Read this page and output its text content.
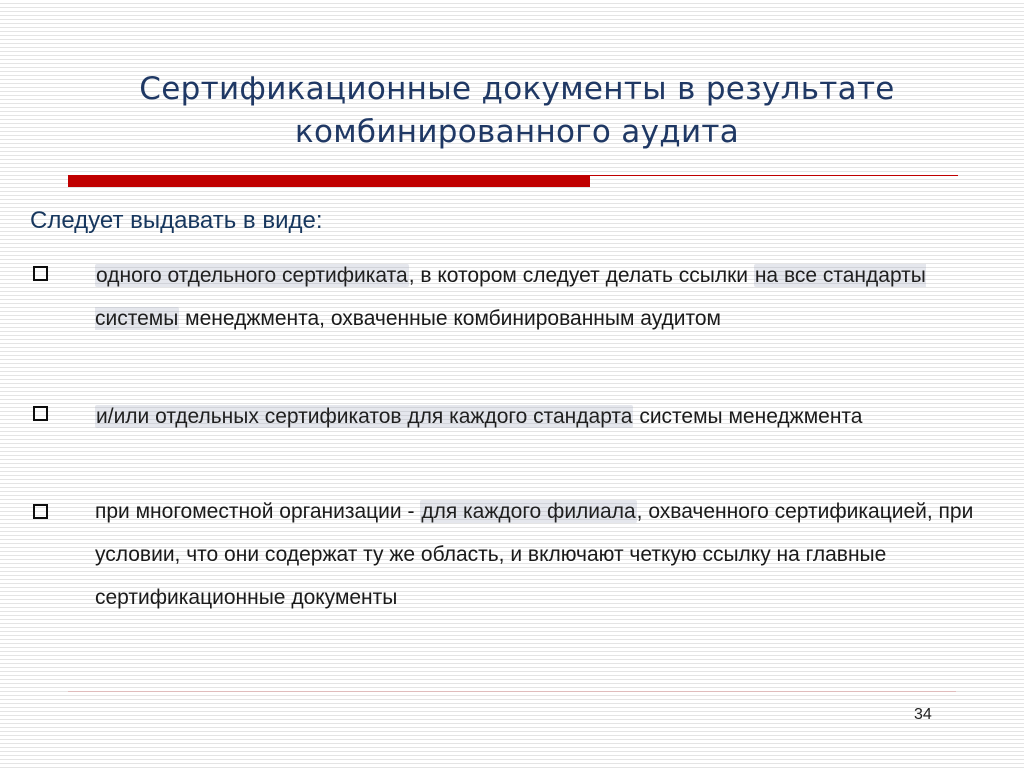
Сертификационные документы в результате
комбинированного аудита

Следует выдавать в виде:

одного отдельного сертификата, в котором следует делать ссылки на все стандарты системы менеджмента, охваченные комбинированным аудитом
и/или отдельных сертификатов для каждого стандарта системы менеджмента
при многоместной организации - для каждого филиала, охваченного сертификацией, при условии, что они содержат ту же область, и включают четкую ссылку на главные сертификационные документы
34
